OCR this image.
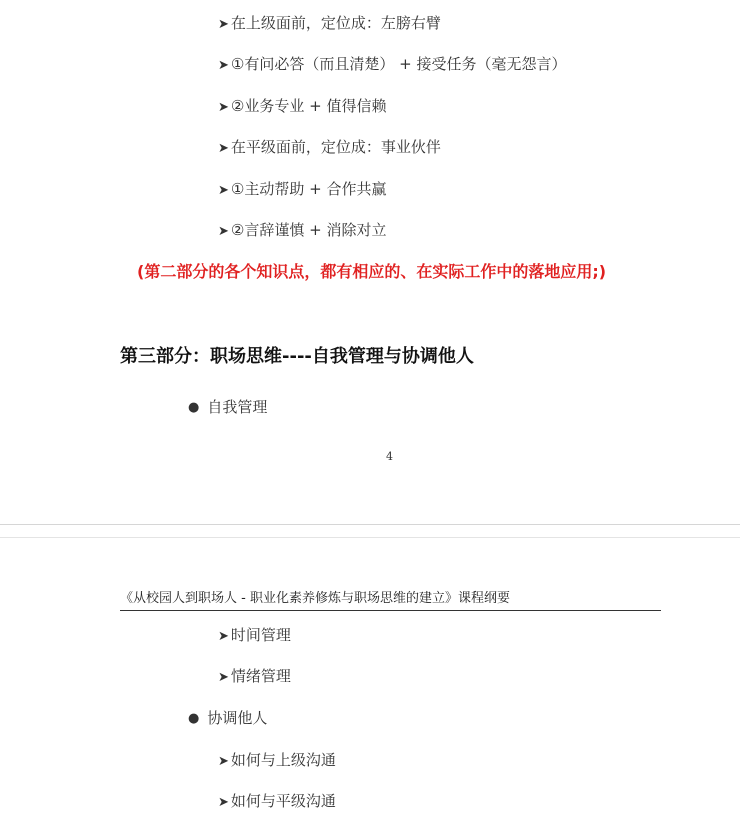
➤ 在上级面前，定位成：左膀右臂
➤ ①有问必答（而且清楚） + 接受任务（毫无怨言）
➤ ②业务专业 + 值得信赖
➤ 在平级面前，定位成：事业伙伴
➤ ①主动帮助 + 合作共赢
➤ ②言辞谨慎 + 消除对立
(第二部分的各个知识点，都有相应的、在实际工作中的落地应用;)
第三部分：职场思维----自我管理与协调他人
● 自我管理
4
《从校园人到职场人 - 职业化素养修炼与职场思维的建立》课程纲要
➤ 时间管理
➤ 情绪管理
● 协调他人
➤ 如何与上级沟通
➤ 如何与平级沟通
